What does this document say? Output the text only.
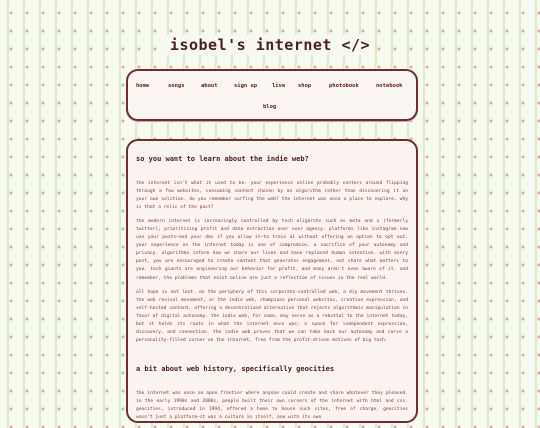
isobel's internet </>
home	songs	about	sign up	live shop	photobook	notebook
blog
so you want to learn about the indie web?

the internet isn't what it used to be. your experience online probably centers around flipping through a few websites, consuming content chosen by an algorithm rather than discovering it on your own volition. do you remember surfing the web? the internet was once a place to explore. why is that a relic of the past?

the modern internet is increasingly controlled by tech oligarchs such as meta and x (formerly twitter), prioritizing profit and data extraction over user agency. platforms like instagram now use your posts—and your dms if you allow it—to train ai without offering an option to opt out. your experience on the internet today is one of compromise, a sacrifice of your autonomy and privacy. algorithms inform how we share our lives and have replaced human intention. with every post, you are encouraged to create content that generates engagement, not share what matters to you. tech giants are engineering our behavior for profit, and many aren't even aware of it. and remember, the problems that exist online are just a reflection of issues in the real world.

all hope is not lost. on the periphery of this corporate-controlled web, a diy movement thrives. the web revival movement, or the indie web, champions personal websites, creative expression, and self-hosted content, offering a decentralized alternative that rejects algorithmic manipulation in favor of digital autonomy. the indie web, for some, may serve as a rebuttal to the internet today, but it holds its roots in what the internet once was: a space for independent expression, discovery, and connection. the indie web proves that we can take back our autonomy and carve a personality-filled corner on the internet, free from the profit-driven motives of big tech.

a bit about web history, specifically geocities

the internet was once an open frontier where anyone could create and share whatever they pleased. in the early 1990s and 2000s, people built their own corners of the internet with html and css. geocities, introduced in 1994, offered a home to house such sites, free of charge. geocities wasn't just a platform—it was a culture in itself, one with its own
